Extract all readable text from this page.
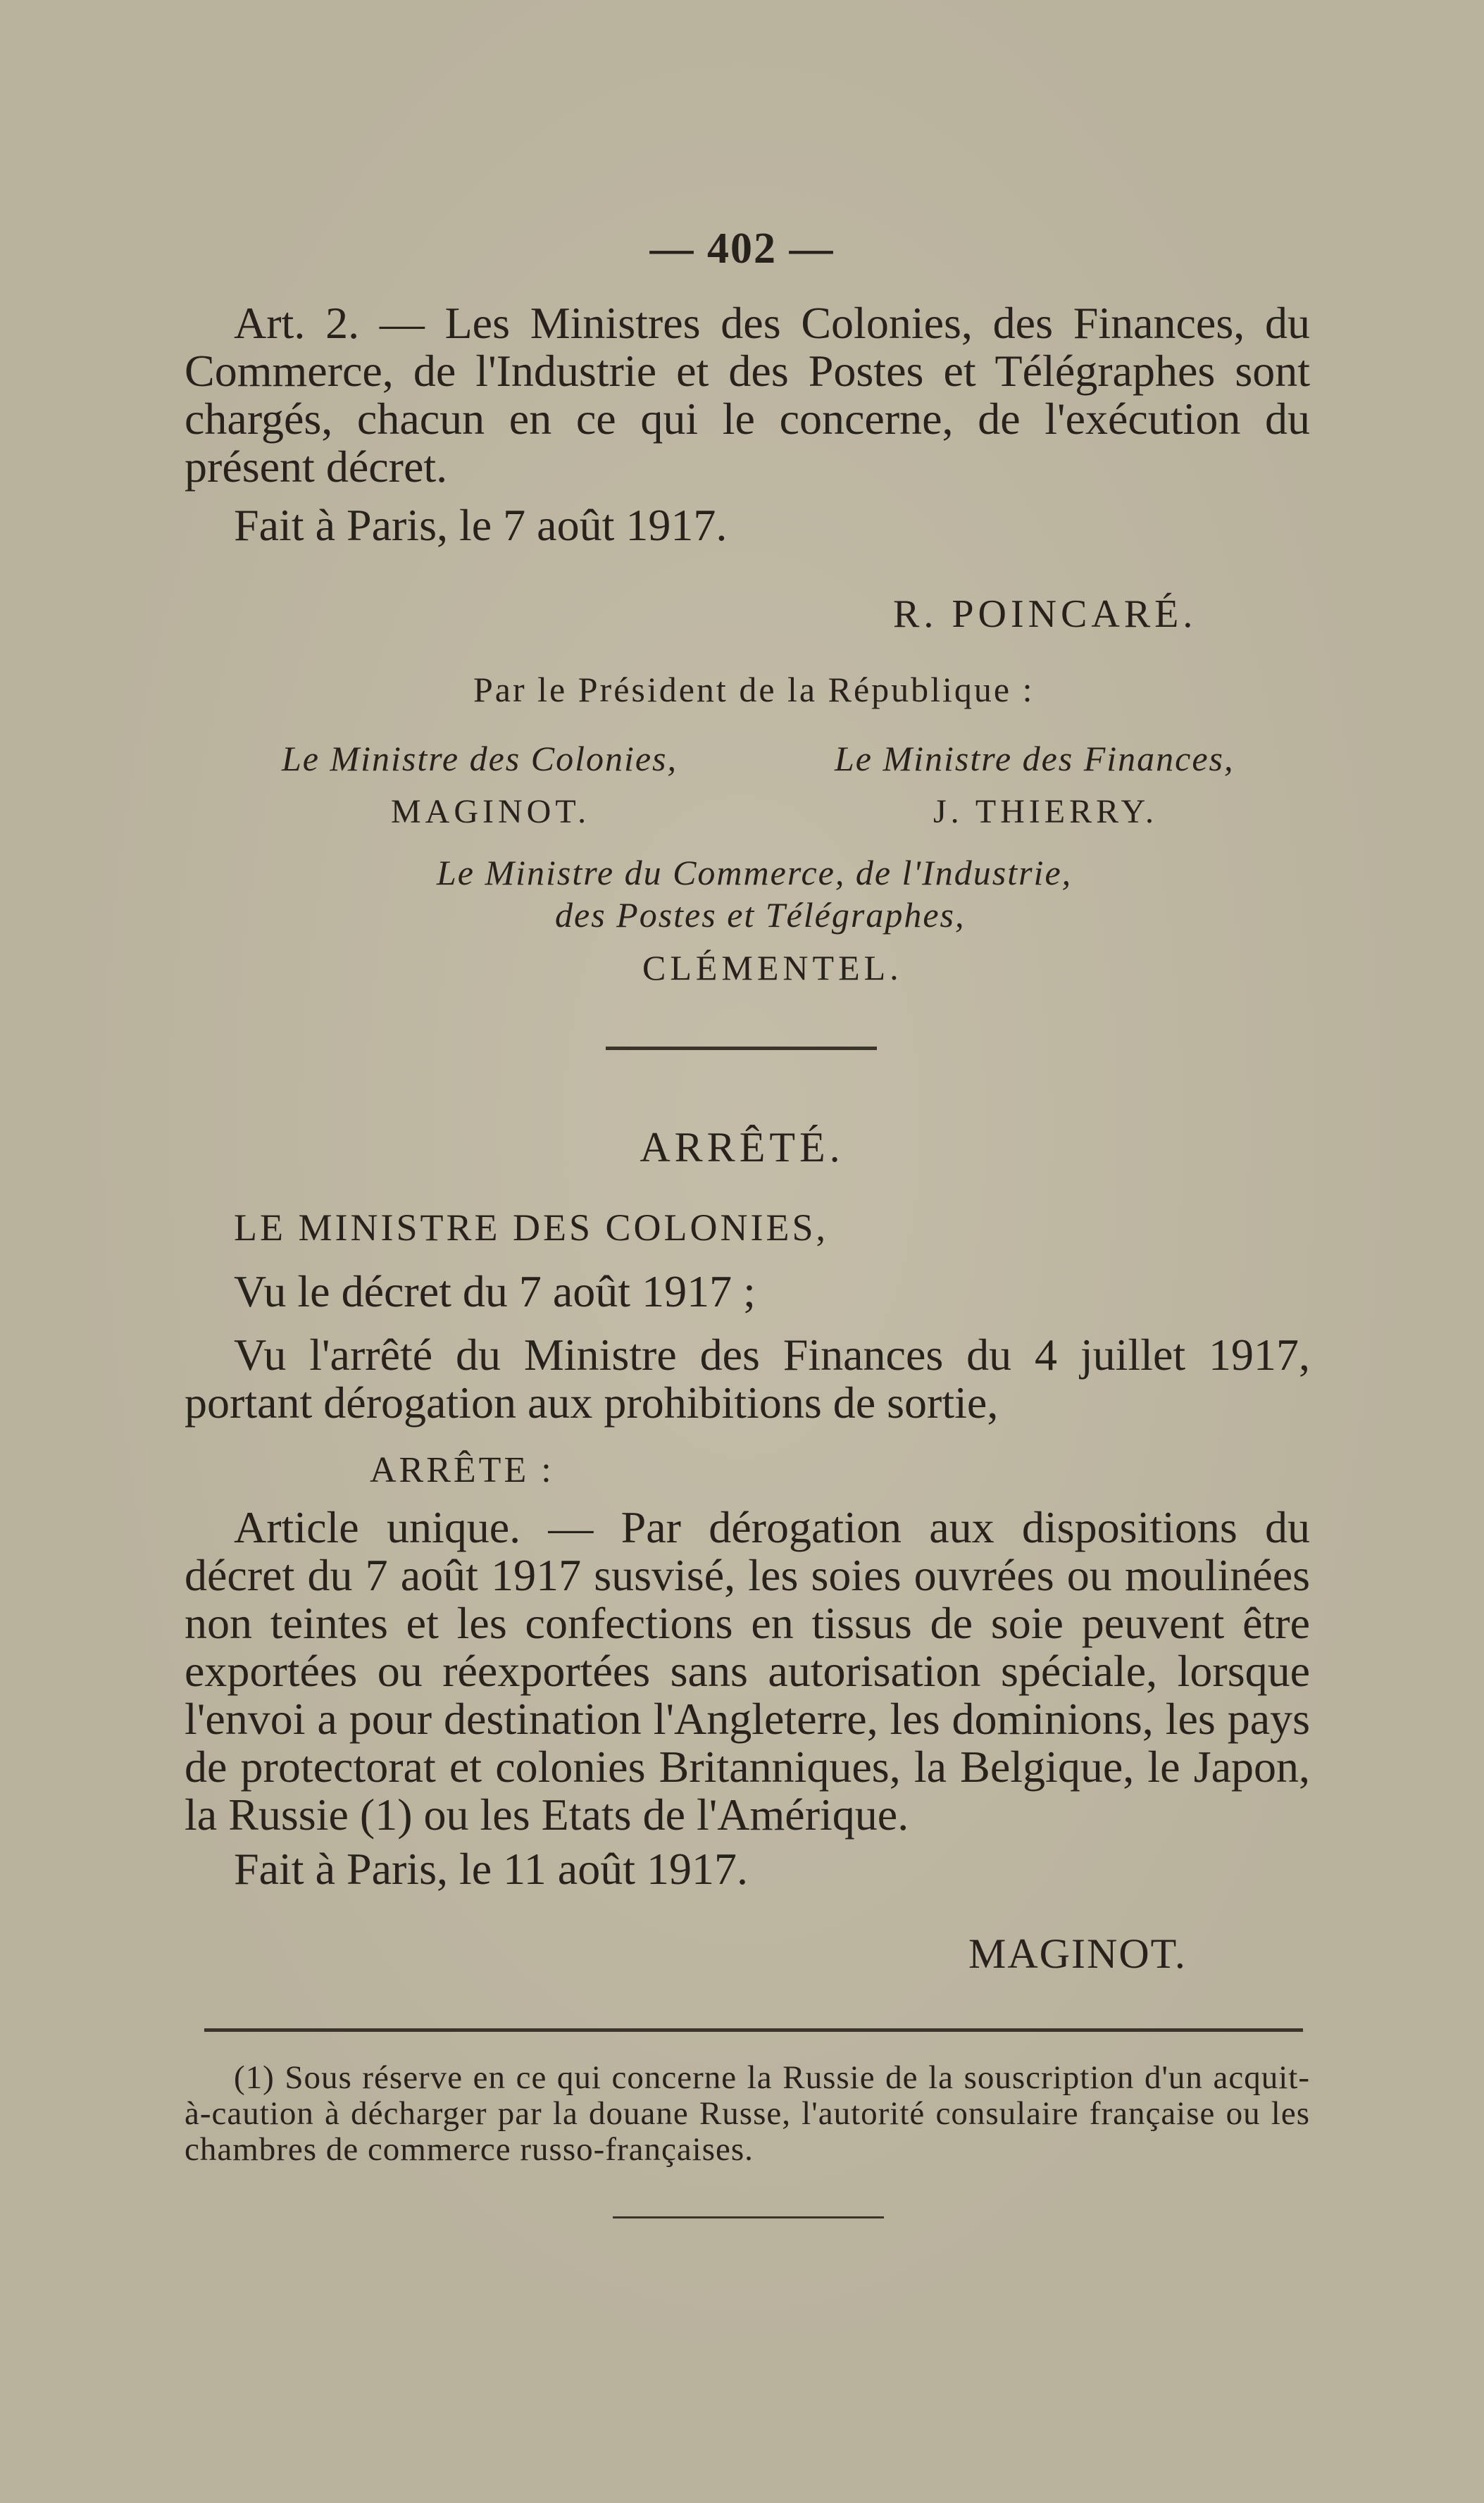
— 402 —
Art. 2. — Les Ministres des Colonies, des Finances, du Commerce, de l'Industrie et des Postes et Télégraphes sont chargés, chacun en ce qui le concerne, de l'exécution du présent décret.
Fait à Paris, le 7 août 1917.
R. POINCARÉ.
Par le Président de la République :
Le Ministre des Colonies,	Le Ministre des Finances,
MAGINOT.	J. THIERRY.
Le Ministre du Commerce, de l'Industrie,
des Postes et Télégraphes,
CLÉMENTEL.
ARRÊTÉ.
LE MINISTRE DES COLONIES,
Vu le décret du 7 août 1917 ;
Vu l'arrêté du Ministre des Finances du 4 juillet 1917, portant dérogation aux prohibitions de sortie,
ARRÊTE :
Article unique. — Par dérogation aux dispositions du décret du 7 août 1917 susvisé, les soies ouvrées ou moulinées non teintes et les confections en tissus de soie peuvent être exportées ou réexportées sans autorisation spéciale, lorsque l'envoi a pour destination l'Angleterre, les dominions, les pays de protectorat et colonies Britanniques, la Belgique, le Japon, la Russie (1) ou les Etats de l'Amérique.
Fait à Paris, le 11 août 1917.
MAGINOT.
(1) Sous réserve en ce qui concerne la Russie de la souscription d'un acquit-à-caution à décharger par la douane Russe, l'autorité consulaire française ou les chambres de commerce russo-françaises.
